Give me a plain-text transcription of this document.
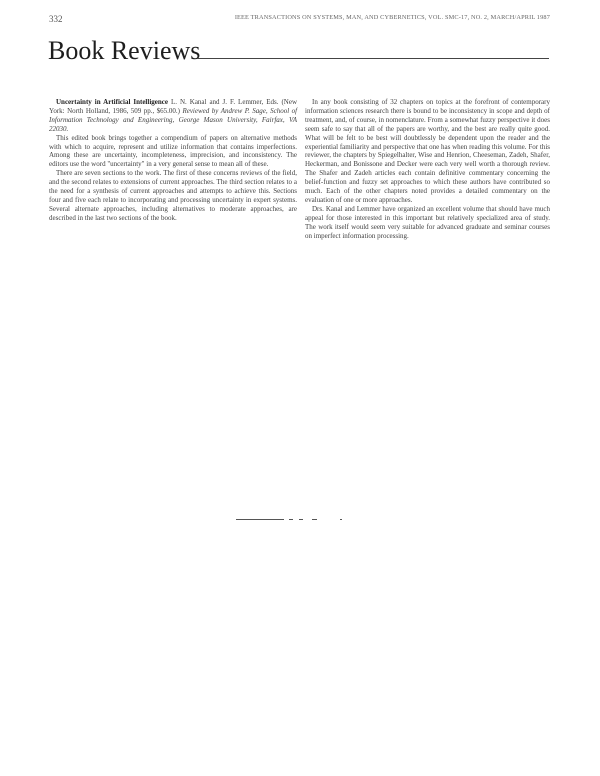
332	IEEE TRANSACTIONS ON SYSTEMS, MAN, AND CYBERNETICS, VOL. SMC-17, NO. 2, MARCH/APRIL 1987
Book Reviews

Uncertainty in Artificial Intelligence L. N. Kanal and J. F. Lemmer, Eds. (New York: North Holland, 1986, 509 pp., $65.00.) Reviewed by Andrew P. Sage, School of Information Technology and Engineering, George Mason University, Fairfax, VA 22030.

This edited book brings together a compendium of papers on alternative methods with which to acquire, represent and utilize information that contains imperfections. Among these are uncertainty, incompleteness, imprecision, and inconsistency. The editors use the word "uncertainty" in a very general sense to mean all of these.

There are seven sections to the work. The first of these concerns reviews of the field, and the second relates to extensions of current approaches. The third section relates to a the need for a synthesis of current approaches and attempts to achieve this. Sections four and five each relate to incorporating and processing uncertainty in expert systems. Several alternate approaches, including alternatives to moderate approaches, are described in the last two sections of the book.

In any book consisting of 32 chapters on topics at the forefront of contemporary information sciences research there is bound to be inconsistency in scope and depth of treatment, and, of course, in nomenclature. From a somewhat fuzzy perspective it does seem safe to say that all of the papers are worthy, and the best are really quite good. What will be felt to be best will doubtlessly be dependent upon the reader and the experiential familiarity and perspective that one has when reading this volume. For this reviewer, the chapters by Spiegelhalter, Wise and Henrion, Cheeseman, Zadeh, Shafer, Heckerman, and Bonissone and Decker were each very well worth a thorough review. The Shafer and Zadeh articles each contain definitive commentary concerning the belief-function and fuzzy set approaches to which these authors have contributed so much. Each of the other chapters noted provides a detailed commentary on the evaluation of one or more approaches.

Drs. Kanal and Lemmer have organized an excellent volume that should have much appeal for those interested in this important but relatively specialized area of study. The work itself would seem very suitable for advanced graduate and seminar courses on imperfect information processing.
